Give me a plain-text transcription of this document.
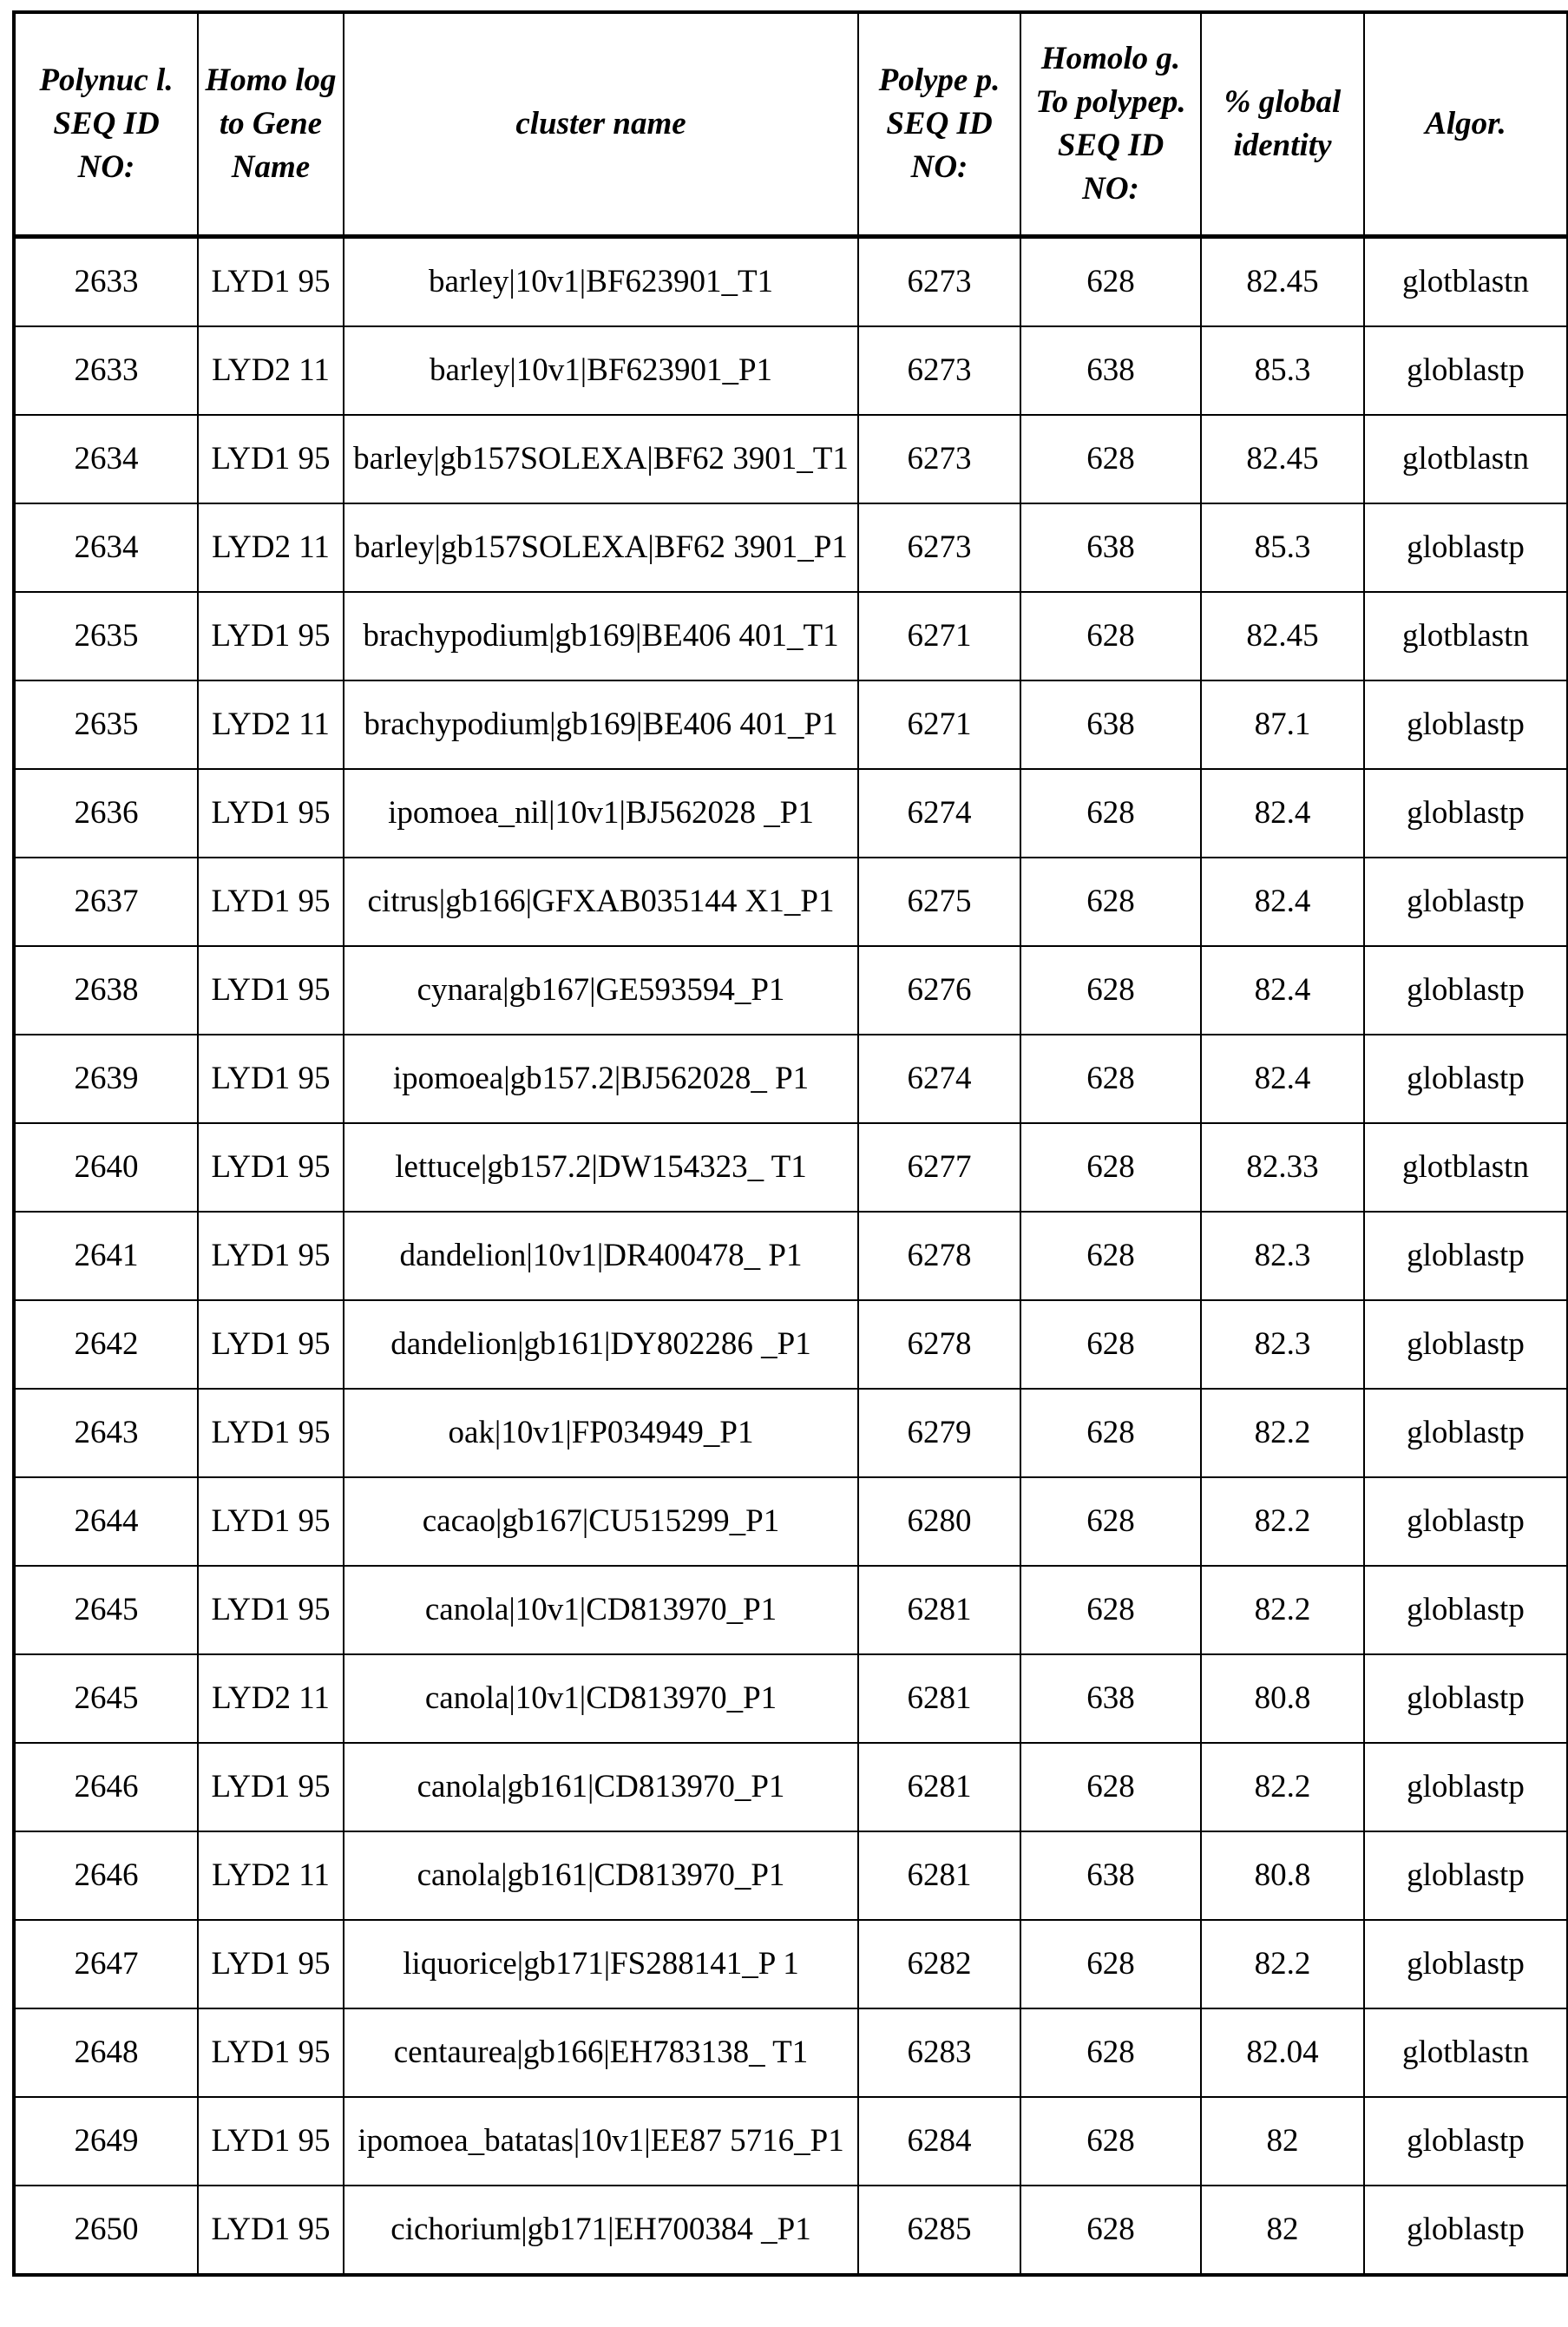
Polynuc l. SEQ ID NO:	Homo log to Gene Name	cluster name	Polype p. SEQ ID NO:	Homolo g. To polypep. SEQ ID NO:	% global identity	Algor.
2633	LYD1 95	barley|10v1|BF623901_T1	6273	628	82.45	glotblastn
2633	LYD2 11	barley|10v1|BF623901_P1	6273	638	85.3	globlastp
2634	LYD1 95	barley|gb157SOLEXA|BF62 3901_T1	6273	628	82.45	glotblastn
2634	LYD2 11	barley|gb157SOLEXA|BF62 3901_P1	6273	638	85.3	globlastp
2635	LYD1 95	brachypodium|gb169|BE406 401_T1	6271	628	82.45	glotblastn
2635	LYD2 11	brachypodium|gb169|BE406 401_P1	6271	638	87.1	globlastp
2636	LYD1 95	ipomoea_nil|10v1|BJ562028 _P1	6274	628	82.4	globlastp
2637	LYD1 95	citrus|gb166|GFXAB035144 X1_P1	6275	628	82.4	globlastp
2638	LYD1 95	cynara|gb167|GE593594_P1	6276	628	82.4	globlastp
2639	LYD1 95	ipomoea|gb157.2|BJ562028_ P1	6274	628	82.4	globlastp
2640	LYD1 95	lettuce|gb157.2|DW154323_ T1	6277	628	82.33	glotblastn
2641	LYD1 95	dandelion|10v1|DR400478_ P1	6278	628	82.3	globlastp
2642	LYD1 95	dandelion|gb161|DY802286 _P1	6278	628	82.3	globlastp
2643	LYD1 95	oak|10v1|FP034949_P1	6279	628	82.2	globlastp
2644	LYD1 95	cacao|gb167|CU515299_P1	6280	628	82.2	globlastp
2645	LYD1 95	canola|10v1|CD813970_P1	6281	628	82.2	globlastp
2645	LYD2 11	canola|10v1|CD813970_P1	6281	638	80.8	globlastp
2646	LYD1 95	canola|gb161|CD813970_P1	6281	628	82.2	globlastp
2646	LYD2 11	canola|gb161|CD813970_P1	6281	638	80.8	globlastp
2647	LYD1 95	liquorice|gb171|FS288141_P 1	6282	628	82.2	globlastp
2648	LYD1 95	centaurea|gb166|EH783138_ T1	6283	628	82.04	glotblastn
2649	LYD1 95	ipomoea_batatas|10v1|EE87 5716_P1	6284	628	82	globlastp
2650	LYD1 95	cichorium|gb171|EH700384 _P1	6285	628	82	globlastp
